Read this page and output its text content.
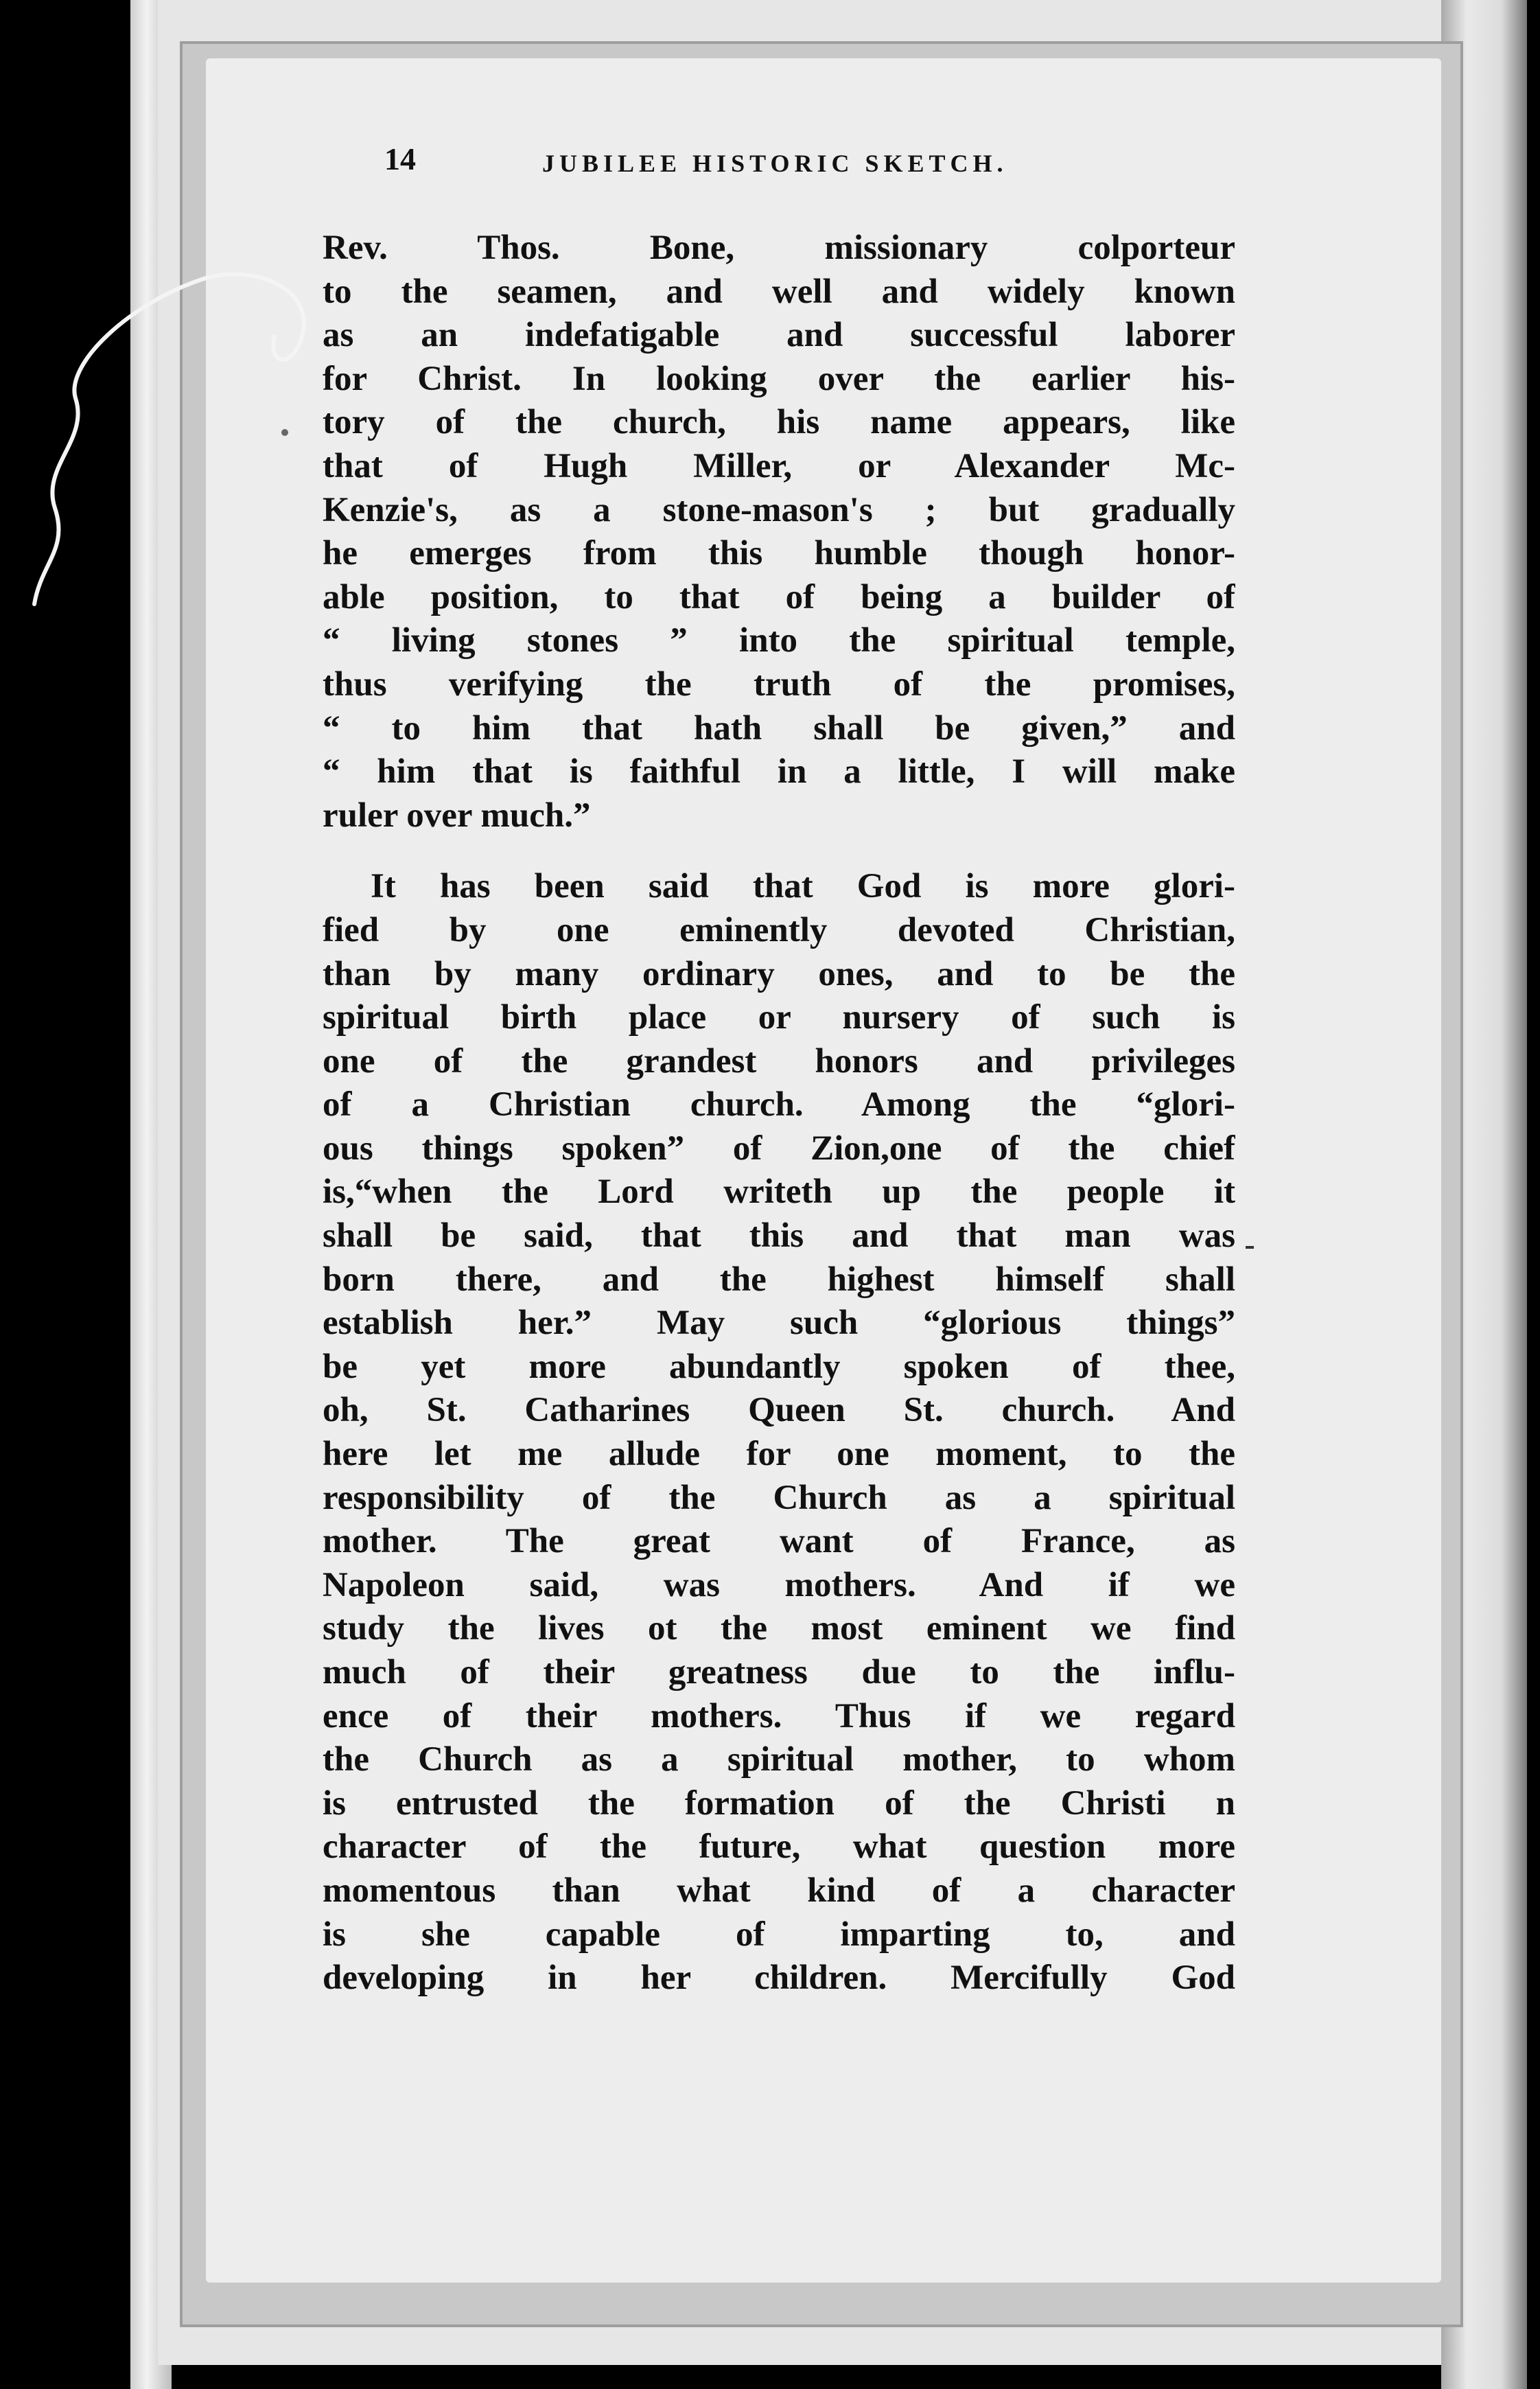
14	JUBILEE HISTORIC SKETCH.
Rev. Thos. Bone, missionary colporteur
to the seamen, and well and widely known
as an indefatigable and successful laborer
for Christ. In looking over the earlier his-
tory of the church, his name appears, like
that of Hugh Miller, or Alexander Mc-
Kenzie's, as a stone-mason's ; but gradually
he emerges from this humble though honor-
able position, to that of being a builder of
“ living stones ” into the spiritual temple,
thus verifying the truth of the promises,
“ to him that hath shall be given,” and
“ him that is faithful in a little, I will make
ruler over much.”
It has been said that God is more glori-
fied by one eminently devoted Christian,
than by many ordinary ones, and to be the
spiritual birth place or nursery of such is
one of the grandest honors and privileges
of a Christian church. Among the “glori-
ous things spoken” of Zion,one of the chief
is,“when the Lord writeth up the people it
shall be said, that this and that man was
born there, and the highest himself shall
establish her.” May such “glorious things”
be yet more abundantly spoken of thee,
oh, St. Catharines Queen St. church. And
here let me allude for one moment, to the
responsibility of the Church as a spiritual
mother. The great want of France, as
Napoleon said, was mothers. And if we
study the lives ot the most eminent we find
much of their greatness due to the influ-
ence of their mothers. Thus if we regard
the Church as a spiritual mother, to whom
is entrusted the formation of the Christi n
character of the future, what question more
momentous than what kind of a character
is she capable of imparting to, and
developing in her children. Mercifully God
